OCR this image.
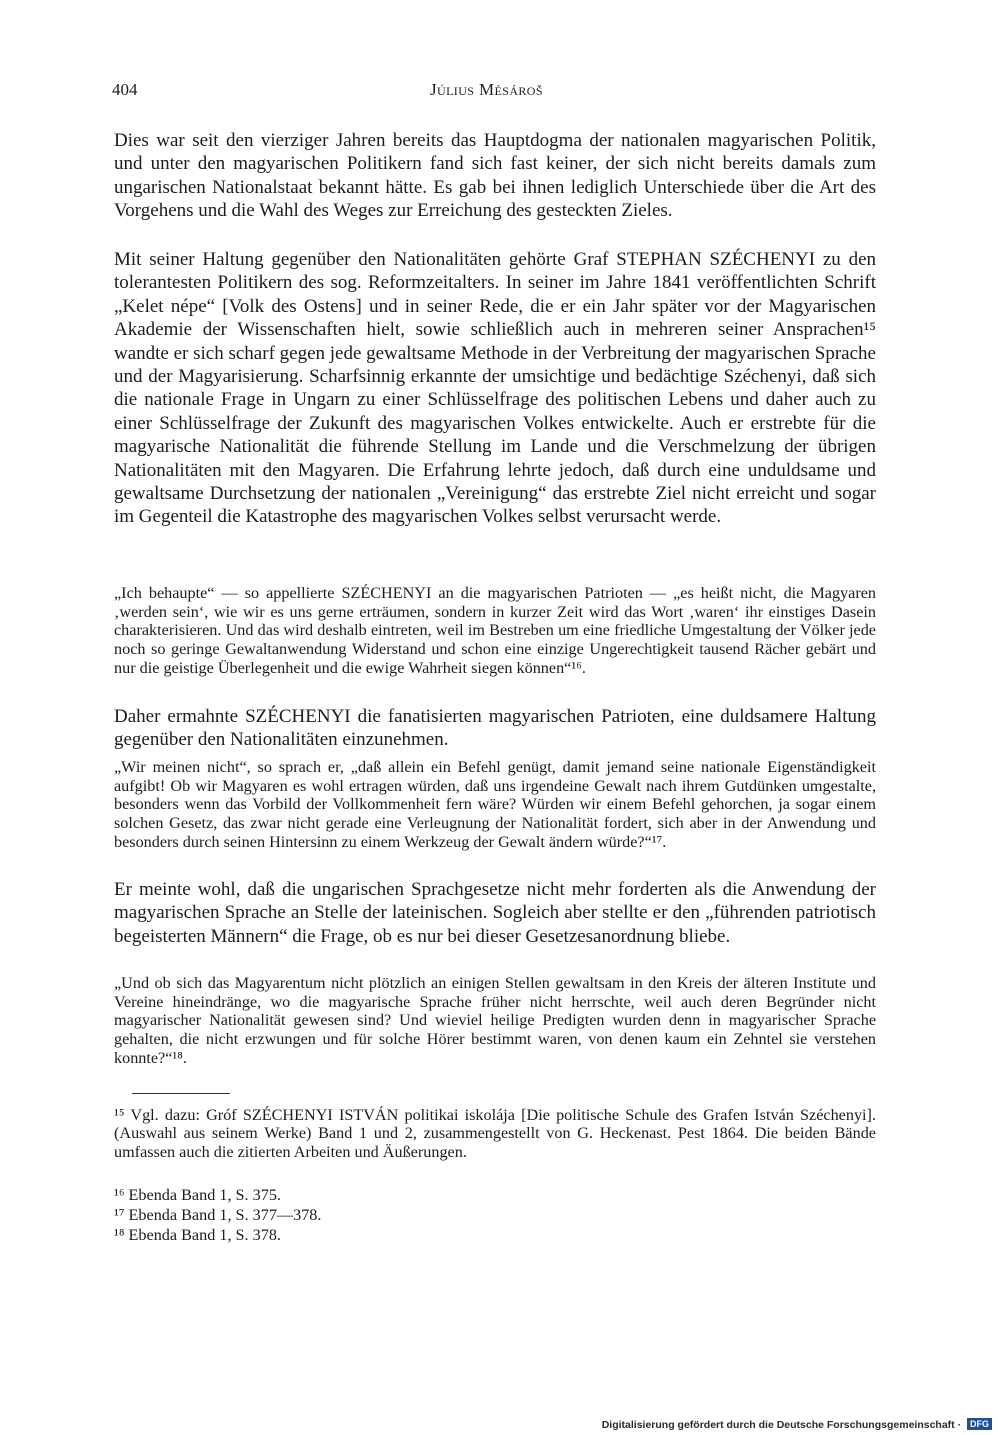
404	Július Mésároš

Dies war seit den vierziger Jahren bereits das Hauptdogma der nationalen magyarischen Politik, und unter den magyarischen Politikern fand sich fast keiner, der sich nicht bereits damals zum ungarischen Nationalstaat bekannt hätte. Es gab bei ihnen lediglich Unterschiede über die Art des Vorgehens und die Wahl des Weges zur Erreichung des gesteckten Zieles.

Mit seiner Haltung gegenüber den Nationalitäten gehörte Graf STEPHAN SZÉCHENYI zu den tolerantesten Politikern des sog. Reformzeitalters. In seiner im Jahre 1841 veröffentlichten Schrift „Kelet népe“ [Volk des Ostens] und in seiner Rede, die er ein Jahr später vor der Magyarischen Akademie der Wissenschaften hielt, sowie schließlich auch in mehreren seiner Ansprachen¹⁵ wandte er sich scharf gegen jede gewaltsame Methode in der Verbreitung der magyarischen Sprache und der Magyarisierung. Scharfsinnig erkannte der umsichtige und bedächtige Széchenyi, daß sich die nationale Frage in Ungarn zu einer Schlüsselfrage des politischen Lebens und daher auch zu einer Schlüsselfrage der Zukunft des magyarischen Volkes entwickelte. Auch er erstrebte für die magyarische Nationalität die führende Stellung im Lande und die Verschmelzung der übrigen Nationalitäten mit den Magyaren. Die Erfahrung lehrte jedoch, daß durch eine unduldsame und gewaltsame Durchsetzung der nationalen „Vereinigung“ das erstrebte Ziel nicht erreicht und sogar im Gegenteil die Katastrophe des magyarischen Volkes selbst verursacht werde.

„Ich behaupte“ — so appellierte SZÉCHENYI an die magyarischen Patrioten — „es heißt nicht, die Magyaren ‚werden sein‘, wie wir es uns gerne erträumen, sondern in kurzer Zeit wird das Wort ‚waren‘ ihr einstiges Dasein charakterisieren. Und das wird deshalb eintreten, weil im Bestreben um eine friedliche Umgestaltung der Völker jede noch so geringe Gewaltanwendung Widerstand und schon eine einzige Ungerechtigkeit tausend Rächer gebärt und nur die geistige Überlegenheit und die ewige Wahrheit siegen können“¹⁶.

Daher ermahnte SZÉCHENYI die fanatisierten magyarischen Patrioten, eine duldsamere Haltung gegenüber den Nationalitäten einzunehmen.

„Wir meinen nicht“, so sprach er, „daß allein ein Befehl genügt, damit jemand seine nationale Eigenständigkeit aufgibt! Ob wir Magyaren es wohl ertragen würden, daß uns irgendeine Gewalt nach ihrem Gutdünken umgestalte, besonders wenn das Vorbild der Vollkommenheit fern wäre? Würden wir einem Befehl gehorchen, ja sogar einem solchen Gesetz, das zwar nicht gerade eine Verleugnung der Nationalität fordert, sich aber in der Anwendung und besonders durch seinen Hintersinn zu einem Werkzeug der Gewalt ändern würde?“¹⁷.

Er meinte wohl, daß die ungarischen Sprachgesetze nicht mehr forderten als die Anwendung der magyarischen Sprache an Stelle der lateinischen. Sogleich aber stellte er den „führenden patriotisch begeisterten Männern“ die Frage, ob es nur bei dieser Gesetzesanordnung bliebe.

„Und ob sich das Magyarentum nicht plötzlich an einigen Stellen gewaltsam in den Kreis der älteren Institute und Vereine hineindränge, wo die magyarische Sprache früher nicht herrschte, weil auch deren Begründer nicht magyarischer Nationalität gewesen sind? Und wieviel heilige Predigten wurden denn in magyarischer Sprache gehalten, die nicht erzwungen und für solche Hörer bestimmt waren, von denen kaum ein Zehntel sie verstehen konnte?“¹⁸.

¹⁵ Vgl. dazu: Gróf SZÉCHENYI ISTVÁN politikai iskolája [Die politische Schule des Grafen István Széchenyi]. (Auswahl aus seinem Werke) Band 1 und 2, zusammengestellt von G. Heckenast. Pest 1864. Die beiden Bände umfassen auch die zitierten Arbeiten und Äußerungen.

¹⁶ Ebenda Band 1, S. 375.

¹⁷ Ebenda Band 1, S. 377—378.

¹⁸ Ebenda Band 1, S. 378.

Digitalisierung gefördert durch die Deutsche Forschungsgemeinschaft · DFG
